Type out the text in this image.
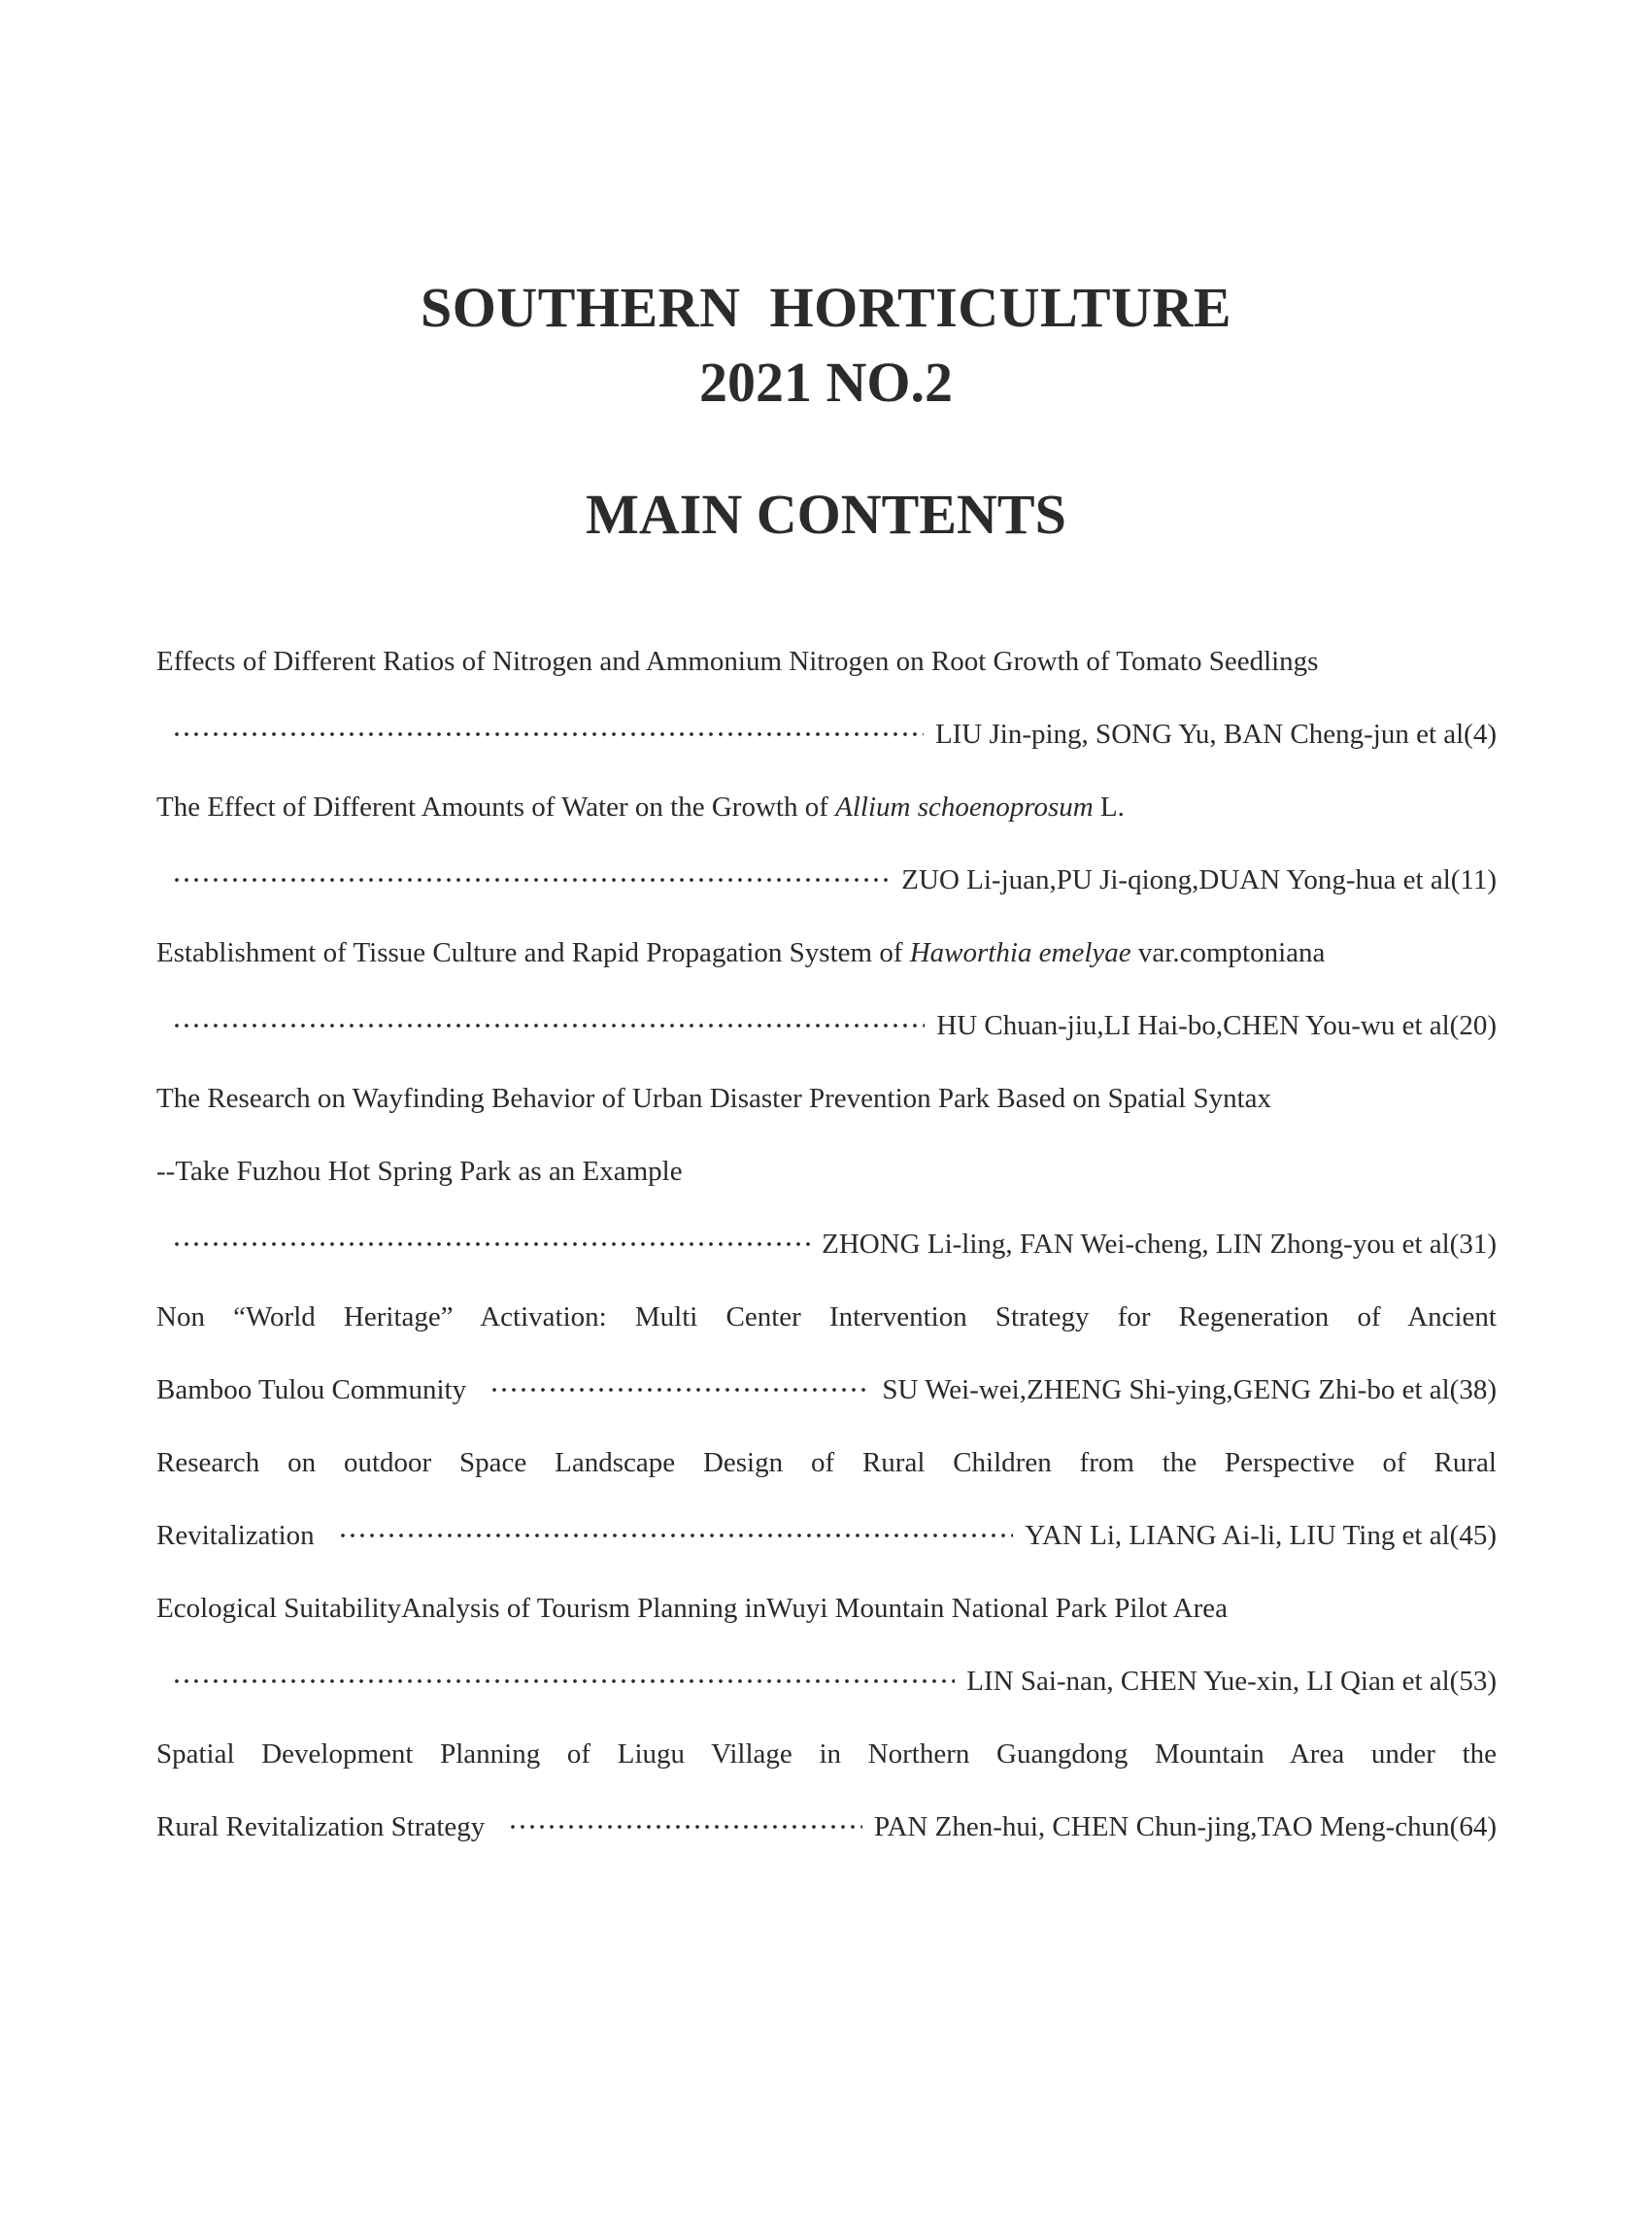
SOUTHERN  HORTICULTURE
2021 NO.2
MAIN CONTENTS
Effects of Different Ratios of Nitrogen and Ammonium Nitrogen on Root Growth of Tomato Seedlings
LIU Jin-ping, SONG Yu, BAN Cheng-jun et al(4)
The Effect of Different Amounts of Water on the Growth of Allium schoenoprosum L.
ZUO Li-juan,PU Ji-qiong,DUAN Yong-hua et al(11)
Establishment of Tissue Culture and Rapid Propagation System of Haworthia emelyae var.comptoniana
HU Chuan-jiu,LI Hai-bo,CHEN You-wu et al(20)
The Research on Wayfinding Behavior of Urban Disaster Prevention Park Based on Spatial Syntax
--Take Fuzhou Hot Spring Park as an Example
ZHONG Li-ling, FAN Wei-cheng, LIN Zhong-you et al(31)
Non “World Heritage” Activation: Multi Center Intervention Strategy for Regeneration of Ancient
Bamboo Tulou Community	SU Wei-wei,ZHENG Shi-ying,GENG Zhi-bo et al(38)
Research on outdoor Space Landscape Design of Rural Children from the Perspective of Rural
Revitalization	YAN Li, LIANG Ai-li, LIU Ting et al(45)
Ecological SuitabilityAnalysis of Tourism Planning inWuyi Mountain National Park Pilot Area
LIN Sai-nan, CHEN Yue-xin, LI Qian et al(53)
Spatial Development Planning of Liugu Village in Northern Guangdong Mountain Area under the
Rural Revitalization Strategy	PAN Zhen-hui, CHEN Chun-jing,TAO Meng-chun(64)
